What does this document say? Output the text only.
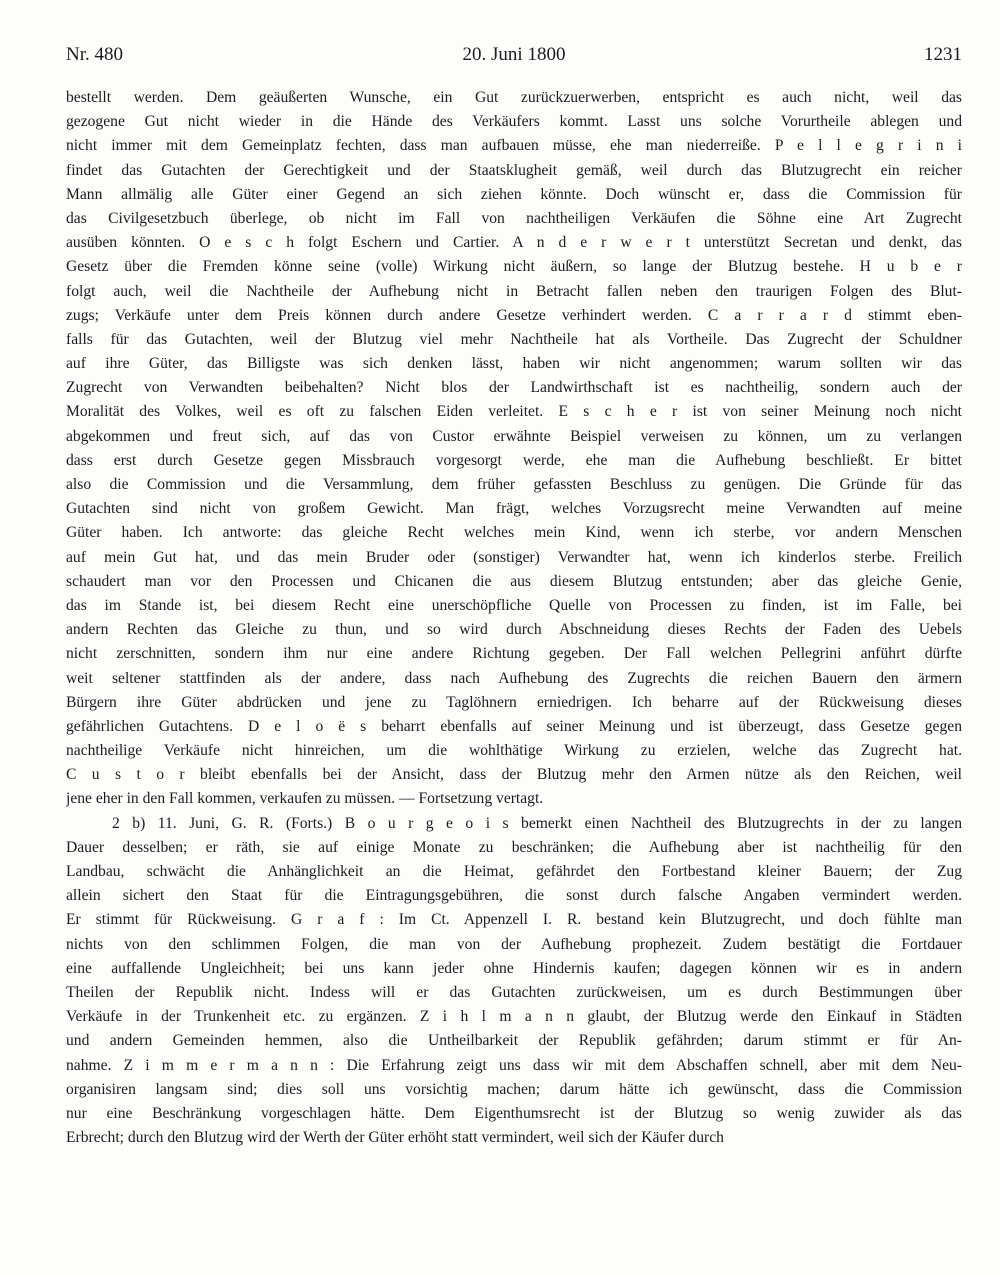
Nr. 480	20. Juni 1800	1231
bestellt werden. Dem geäußerten Wunsche, ein Gut zurückzuerwerben, entspricht es auch nicht, weil das
gezogene Gut nicht wieder in die Hände des Verkäufers kommt. Lasst uns solche Vorurtheile ablegen und
nicht immer mit dem Gemeinplatz fechten, dass man aufbauen müsse, ehe man niederreiße. P e l l e g r i n i
findet das Gutachten der Gerechtigkeit und der Staatsklugheit gemäß, weil durch das Blutzugrecht ein reicher
Mann allmälig alle Güter einer Gegend an sich ziehen könnte. Doch wünscht er, dass die Commission für
das Civilgesetzbuch überlege, ob nicht im Fall von nachtheiligen Verkäufen die Söhne eine Art Zugrecht
ausüben könnten. O e s c h folgt Eschern und Cartier. A n d e r w e r t unterstützt Secretan und denkt, das
Gesetz über die Fremden könne seine (volle) Wirkung nicht äußern, so lange der Blutzug bestehe. H u b e r
folgt auch, weil die Nachtheile der Aufhebung nicht in Betracht fallen neben den traurigen Folgen des Blut-
zugs; Verkäufe unter dem Preis können durch andere Gesetze verhindert werden. C a r r a r d stimmt eben-
falls für das Gutachten, weil der Blutzug viel mehr Nachtheile hat als Vortheile. Das Zugrecht der Schuldner
auf ihre Güter, das Billigste was sich denken lässt, haben wir nicht angenommen; warum sollten wir das
Zugrecht von Verwandten beibehalten? Nicht blos der Landwirthschaft ist es nachtheilig, sondern auch der
Moralität des Volkes, weil es oft zu falschen Eiden verleitet. E s c h e r ist von seiner Meinung noch nicht
abgekommen und freut sich, auf das von Custor erwähnte Beispiel verweisen zu können, um zu verlangen
dass erst durch Gesetze gegen Missbrauch vorgesorgt werde, ehe man die Aufhebung beschließt. Er bittet
also die Commission und die Versammlung, dem früher gefassten Beschluss zu genügen. Die Gründe für das
Gutachten sind nicht von großem Gewicht. Man frägt, welches Vorzugsrecht meine Verwandten auf meine
Güter haben. Ich antworte: das gleiche Recht welches mein Kind, wenn ich sterbe, vor andern Menschen
auf mein Gut hat, und das mein Bruder oder (sonstiger) Verwandter hat, wenn ich kinderlos sterbe. Freilich
schaudert man vor den Processen und Chicanen die aus diesem Blutzug entstunden; aber das gleiche Genie,
das im Stande ist, bei diesem Recht eine unerschöpfliche Quelle von Processen zu finden, ist im Falle, bei
andern Rechten das Gleiche zu thun, und so wird durch Abschneidung dieses Rechts der Faden des Uebels
nicht zerschnitten, sondern ihm nur eine andere Richtung gegeben. Der Fall welchen Pellegrini anführt dürfte
weit seltener stattfinden als der andere, dass nach Aufhebung des Zugrechts die reichen Bauern den ärmern
Bürgern ihre Güter abdrücken und jene zu Taglöhnern erniedrigen. Ich beharre auf der Rückweisung dieses
gefährlichen Gutachtens. D e l o ë s beharrt ebenfalls auf seiner Meinung und ist überzeugt, dass Gesetze gegen
nachtheilige Verkäufe nicht hinreichen, um die wohlthätige Wirkung zu erzielen, welche das Zugrecht hat.
C u s t o r bleibt ebenfalls bei der Ansicht, dass der Blutzug mehr den Armen nütze als den Reichen, weil
jene eher in den Fall kommen, verkaufen zu müssen. — Fortsetzung vertagt.
2 b) 11. Juni, G. R. (Forts.) B o u r g e o i s bemerkt einen Nachtheil des Blutzugrechts in der zu langen
Dauer desselben; er räth, sie auf einige Monate zu beschränken; die Aufhebung aber ist nachtheilig für den
Landbau, schwächt die Anhänglichkeit an die Heimat, gefährdet den Fortbestand kleiner Bauern; der Zug
allein sichert den Staat für die Eintragungsgebühren, die sonst durch falsche Angaben vermindert werden.
Er stimmt für Rückweisung. G r a f : Im Ct. Appenzell I. R. bestand kein Blutzugrecht, und doch fühlte man
nichts von den schlimmen Folgen, die man von der Aufhebung prophezeit. Zudem bestätigt die Fortdauer
eine auffallende Ungleichheit; bei uns kann jeder ohne Hindernis kaufen; dagegen können wir es in andern
Theilen der Republik nicht. Indess will er das Gutachten zurückweisen, um es durch Bestimmungen über
Verkäufe in der Trunkenheit etc. zu ergänzen. Z i h l m a n n glaubt, der Blutzug werde den Einkauf in Städten
und andern Gemeinden hemmen, also die Untheilbarkeit der Republik gefährden; darum stimmt er für An-
nahme. Z i m m e r m a n n : Die Erfahrung zeigt uns dass wir mit dem Abschaffen schnell, aber mit dem Neu-
organisiren langsam sind; dies soll uns vorsichtig machen; darum hätte ich gewünscht, dass die Commission
nur eine Beschränkung vorgeschlagen hätte. Dem Eigenthumsrecht ist der Blutzug so wenig zuwider als das
Erbrecht; durch den Blutzug wird der Werth der Güter erhöht statt vermindert, weil sich der Käufer durch
